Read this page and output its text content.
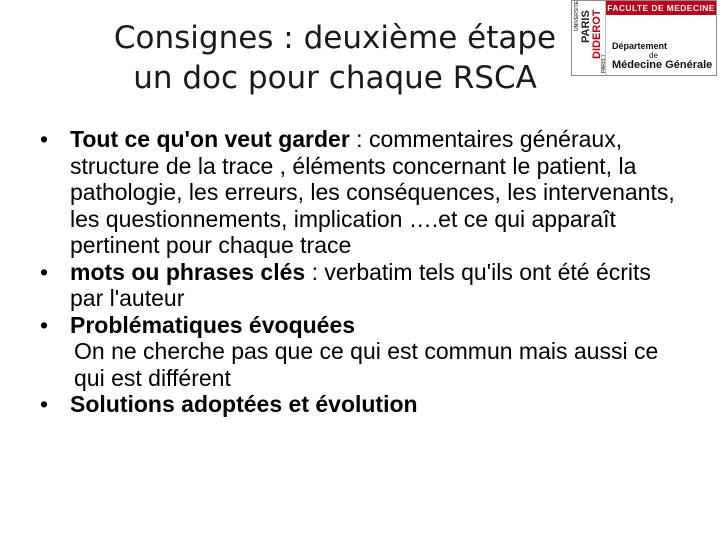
Consignes : deuxième étape
un doc pour chaque RSCA
UNIVERSITE PARIS DIDEROT
PARIS 7
FACULTE DE MEDECINE
Département
de
Médecine Générale
• Tout ce qu'on veut garder : commentaires généraux, structure de la trace , éléments concernant le patient, la pathologie, les erreurs, les conséquences, les intervenants, les questionnements, implication ….et ce qui apparaît pertinent pour chaque trace
• mots ou phrases clés : verbatim tels qu'ils ont été écrits par l'auteur
• Problématiques évoquées
On ne cherche pas que ce qui est commun mais aussi ce qui est différent
• Solutions adoptées et évolution
